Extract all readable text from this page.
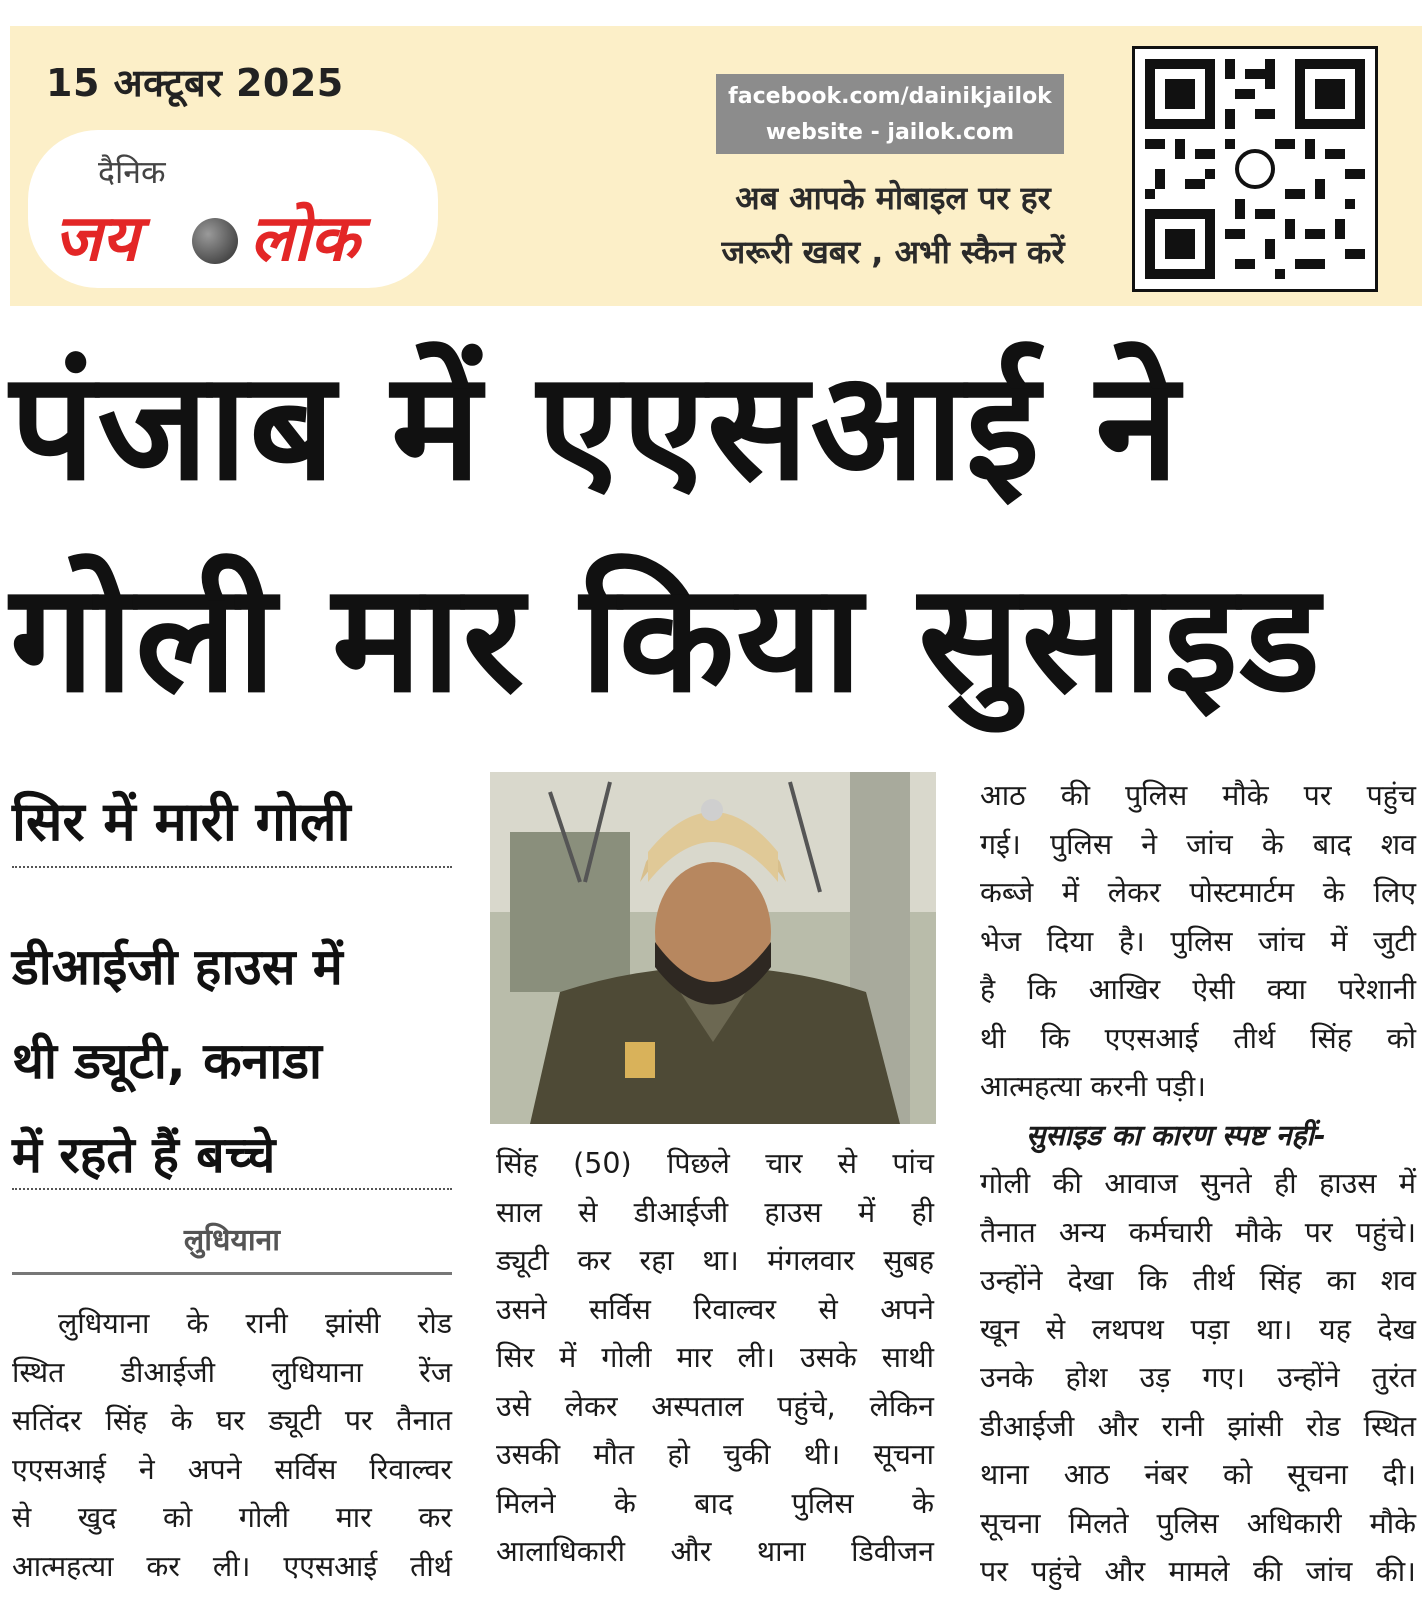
15 अक्टूबर 2025
दैनिक
जय लोक
facebook.com/dainikjailok
website - jailok.com
अब आपके मोबाइल पर हर
जरूरी खबर , अभी स्कैन करें
पंजाब में एएसआई ने
गोली मार किया सुसाइड
सिर में मारी गोली
डीआईजी हाउस में
थी ड्यूटी, कनाडा
में रहते हैं बच्चे
लुधियाना

लुधियाना के रानी झांसी रोड

स्थित डीआईजी लुधियाना रेंज

सतिंदर सिंह के घर ड्यूटी पर तैनात

एएसआई ने अपने सर्विस रिवाल्वर

से खुद को गोली मार कर

आत्महत्या कर ली। एएसआई तीर्थ

सिंह (50) पिछले चार से पांच

साल से डीआईजी हाउस में ही

ड्यूटी कर रहा था। मंगलवार सुबह

उसने सर्विस रिवाल्वर से अपने

सिर में गोली मार ली। उसके साथी

उसे लेकर अस्पताल पहुंचे, लेकिन

उसकी मौत हो चुकी थी। सूचना

मिलने के बाद पुलिस के

आलाधिकारी और थाना डिवीजन

आठ की पुलिस मौके पर पहुंच

गई। पुलिस ने जांच के बाद शव

कब्जे में लेकर पोस्टमार्टम के लिए

भेज दिया है। पुलिस जांच में जुटी

है कि आखिर ऐसी क्या परेशानी

थी कि एएसआई तीर्थ सिंह को

आत्महत्या करनी पड़ी।

सुसाइड का कारण स्पष्ट नहीं-

गोली की आवाज सुनते ही हाउस में

तैनात अन्य कर्मचारी मौके पर पहुंचे।

उन्होंने देखा कि तीर्थ सिंह का शव

खून से लथपथ पड़ा था। यह देख

उनके होश उड़ गए। उन्होंने तुरंत

डीआईजी और रानी झांसी रोड स्थित

थाना आठ नंबर को सूचना दी।

सूचना मिलते पुलिस अधिकारी मौके

पर पहुंचे और मामले की जांच की।
